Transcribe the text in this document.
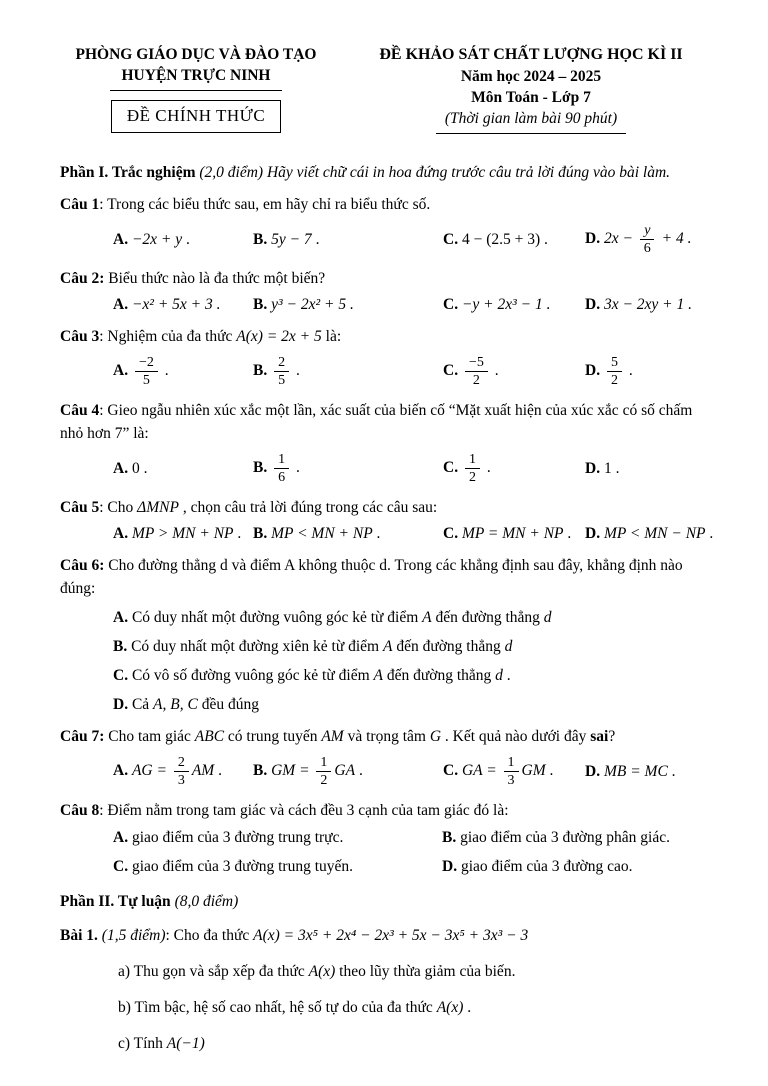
PHÒNG GIÁO DỤC VÀ ĐÀO TẠO
HUYỆN TRỰC NINH
ĐỀ CHÍNH THỨC
ĐỀ KHẢO SÁT CHẤT LƯỢNG HỌC KÌ II
Năm học 2024 – 2025
Môn Toán - Lớp 7
(Thời gian làm bài 90 phút)

Phần I. Trắc nghiệm (2,0 điểm) Hãy viết chữ cái in hoa đứng trước câu trả lời đúng vào bài làm.

Câu 1: Trong các biểu thức sau, em hãy chỉ ra biểu thức số.

A. −2x + y .	B. 5y − 7 .	C. 4 − (2.5 + 3) .	D. $2x - \frac{y}{6} + 4$ .

Câu 2: Biểu thức nào là đa thức một biến?

A. −x² + 5x + 3 .	B. y³ − 2x² + 5 .	C. −y + 2x³ − 1 .	D. 3x − 2xy + 1 .

Câu 3: Nghiệm của đa thức A(x) = 2x + 5 là:

A. $\frac{-2}{5}$ .	B. $\frac{2}{5}$ .	C. $\frac{-5}{2}$ .	D. $\frac{5}{2}$ .

Câu 4: Gieo ngẫu nhiên xúc xắc một lần, xác suất của biến cố “Mặt xuất hiện của xúc xắc có số chấm nhỏ hơn 7” là:

A. 0 .	B. $\frac{1}{6}$ .	C. $\frac{1}{2}$ .	D. 1 .

Câu 5: Cho ΔMNP , chọn câu trả lời đúng trong các câu sau:

A. MP > MN + NP . B. MP < MN + NP .	C. MP = MN + NP . D. MP < MN − NP .

Câu 6: Cho đường thẳng d và điểm A không thuộc d. Trong các khẳng định sau đây, khẳng định nào đúng:

A. Có duy nhất một đường vuông góc kẻ từ điểm A đến đường thẳng d

B. Có duy nhất một đường xiên kẻ từ điểm A đến đường thẳng d

C. Có vô số đường vuông góc kẻ từ điểm A đến đường thẳng d .

D. Cả A, B, C đều đúng

Câu 7: Cho tam giác ABC có trung tuyến AM và trọng tâm G . Kết quả nào dưới đây sai?

A. AG = $\frac{2}{3}$ AM .	B. GM = $\frac{1}{2}$ GA .	C. GA = $\frac{1}{3}$ GM .	D. MB = MC .

Câu 8: Điểm nằm trong tam giác và cách đều 3 cạnh của tam giác đó là:

A. giao điểm của 3 đường trung trực.	B. giao điểm của 3 đường phân giác.
C. giao điểm của 3 đường trung tuyến.	D. giao điểm của 3 đường cao.

Phần II. Tự luận (8,0 điểm)

Bài 1. (1,5 điểm): Cho đa thức A(x) = 3x⁵ + 2x⁴ − 2x³ + 5x − 3x⁵ + 3x³ − 3

a) Thu gọn và sắp xếp đa thức A(x) theo lũy thừa giảm của biến.

b) Tìm bậc, hệ số cao nhất, hệ số tự do của đa thức A(x) .

c) Tính A(−1)
